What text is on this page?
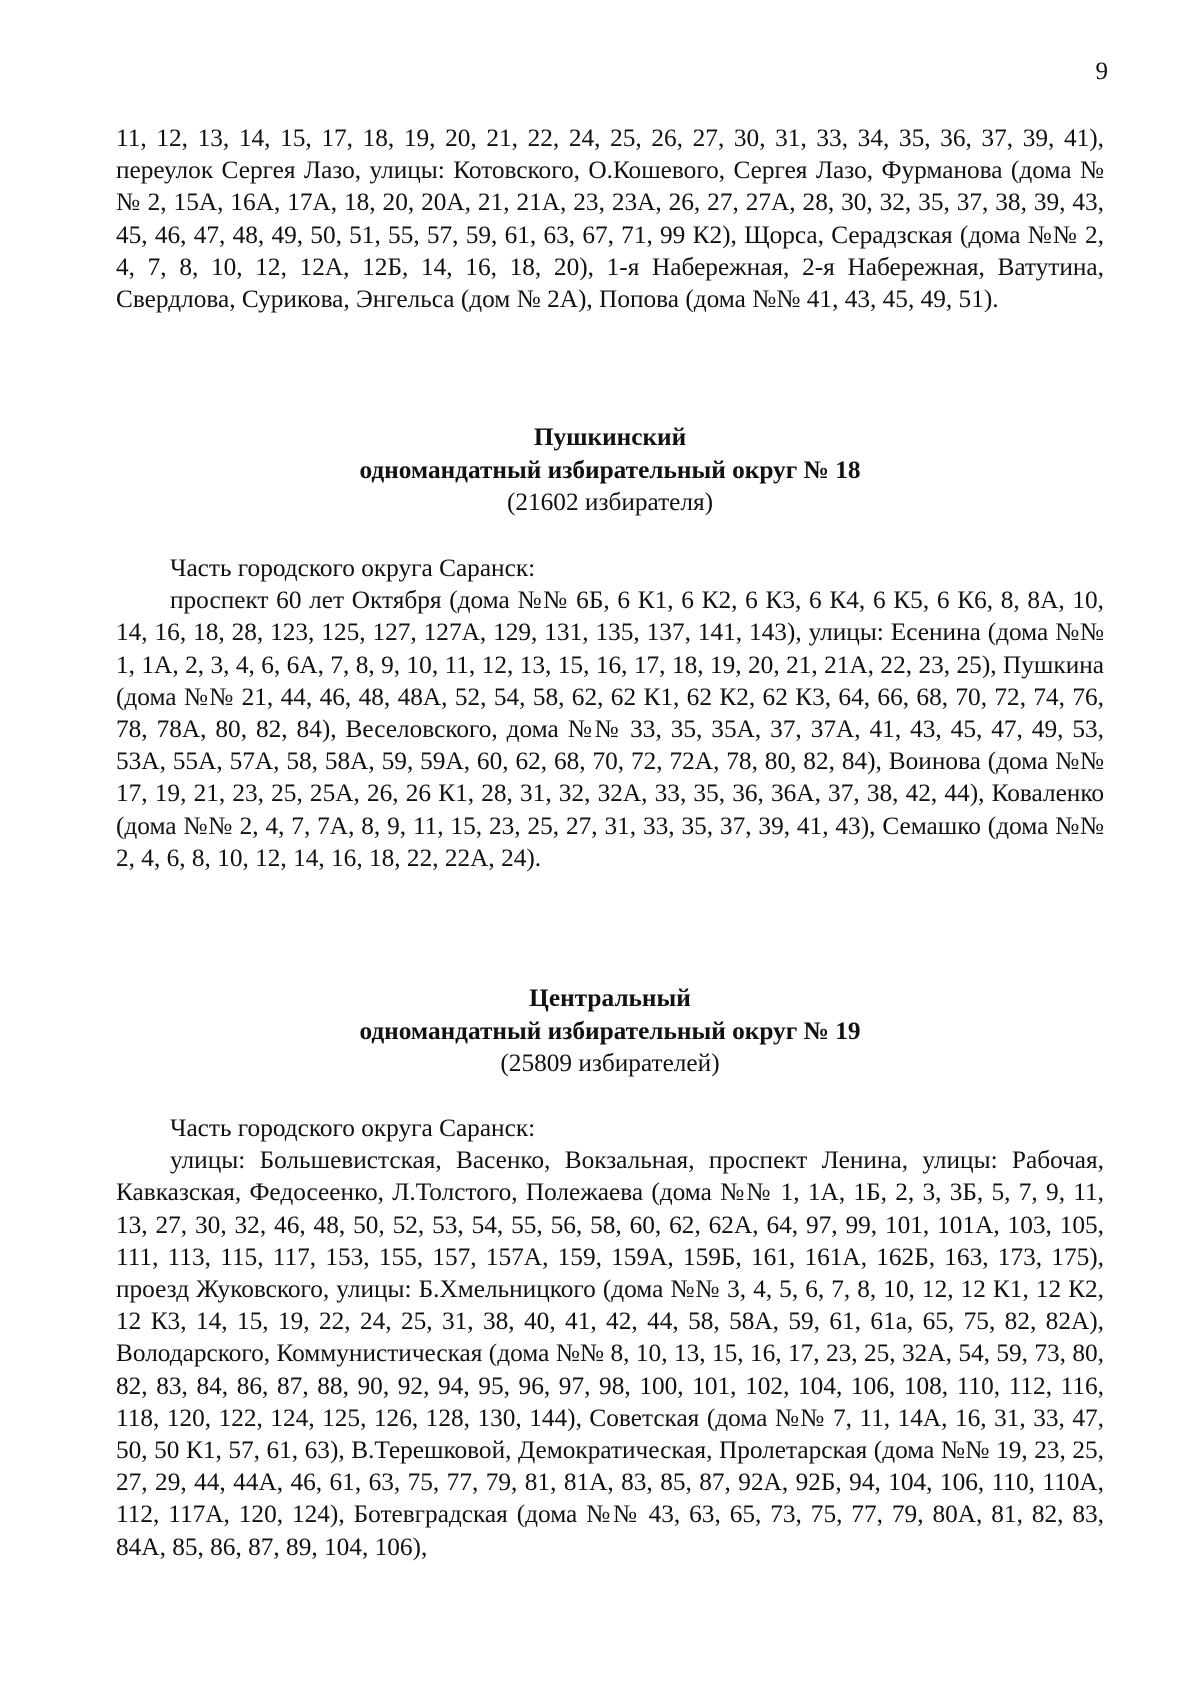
9

11, 12, 13, 14, 15, 17, 18, 19, 20, 21, 22, 24, 25, 26, 27, 30, 31, 33, 34, 35, 36, 37, 39, 41), переулок Сергея Лазо, улицы: Котовского, О.Кошевого, Сергея Лазо, Фурманова (дома №№ 2, 15А, 16А, 17А, 18, 20, 20А, 21, 21А, 23, 23А, 26, 27, 27А, 28, 30, 32, 35, 37, 38, 39, 43, 45, 46, 47, 48, 49, 50, 51, 55, 57, 59, 61, 63, 67, 71, 99 К2), Щорса, Серадзская (дома №№ 2, 4, 7, 8, 10, 12, 12А, 12Б, 14, 16, 18, 20), 1-я Набережная, 2-я Набережная, Ватутина, Свердлова, Сурикова, Энгельса (дом № 2А), Попова (дома №№ 41, 43, 45, 49, 51).

Пушкинский
одномандатный избирательный округ № 18
(21602 избирателя)

Часть городского округа Саранск:

проспект 60 лет Октября (дома №№ 6Б, 6 К1, 6 К2, 6 К3, 6 К4, 6 К5, 6 К6, 8, 8А, 10, 14, 16, 18, 28, 123, 125, 127, 127А, 129, 131, 135, 137, 141, 143), улицы: Есенина (дома №№ 1, 1А, 2, 3, 4, 6, 6А, 7, 8, 9, 10, 11, 12, 13, 15, 16, 17, 18, 19, 20, 21, 21А, 22, 23, 25), Пушкина (дома №№ 21, 44, 46, 48, 48А, 52, 54, 58, 62, 62 К1, 62 К2, 62 К3, 64, 66, 68, 70, 72, 74, 76, 78, 78А, 80, 82, 84), Веселовского, дома №№ 33, 35, 35А, 37, 37А, 41, 43, 45, 47, 49, 53, 53А, 55А, 57А, 58, 58А, 59, 59А, 60, 62, 68, 70, 72, 72А, 78, 80, 82, 84), Воинова (дома №№ 17, 19, 21, 23, 25, 25А, 26, 26 К1, 28, 31, 32, 32А, 33, 35, 36, 36А, 37, 38, 42, 44), Коваленко (дома №№ 2, 4, 7, 7А, 8, 9, 11, 15, 23, 25, 27, 31, 33, 35, 37, 39, 41, 43), Семашко (дома №№ 2, 4, 6, 8, 10, 12, 14, 16, 18, 22, 22А, 24).

Центральный
одномандатный избирательный округ № 19
(25809 избирателей)

Часть городского округа Саранск:

улицы: Большевистская, Васенко, Вокзальная, проспект Ленина, улицы: Рабочая, Кавказская, Федосеенко, Л.Толстого, Полежаева (дома №№ 1, 1А, 1Б, 2, 3, 3Б, 5, 7, 9, 11, 13, 27, 30, 32, 46, 48, 50, 52, 53, 54, 55, 56, 58, 60, 62, 62А, 64, 97, 99, 101, 101А, 103, 105, 111, 113, 115, 117, 153, 155, 157, 157А, 159, 159А, 159Б, 161, 161А, 162Б, 163, 173, 175), проезд Жуковского, улицы: Б.Хмельницкого (дома №№ 3, 4, 5, 6, 7, 8, 10, 12, 12 К1, 12 К2, 12 К3, 14, 15, 19, 22, 24, 25, 31, 38, 40, 41, 42, 44, 58, 58А, 59, 61, 61а, 65, 75, 82, 82А), Володарского, Коммунистическая (дома №№ 8, 10, 13, 15, 16, 17, 23, 25, 32А, 54, 59, 73, 80, 82, 83, 84, 86, 87, 88, 90, 92, 94, 95, 96, 97, 98, 100, 101, 102, 104, 106, 108, 110, 112, 116, 118, 120, 122, 124, 125, 126, 128, 130, 144), Советская (дома №№ 7, 11, 14А, 16, 31, 33, 47, 50, 50 К1, 57, 61, 63), В.Терешковой, Демократическая, Пролетарская (дома №№ 19, 23, 25, 27, 29, 44, 44А, 46, 61, 63, 75, 77, 79, 81, 81А, 83, 85, 87, 92А, 92Б, 94, 104, 106, 110, 110А, 112, 117А, 120, 124), Ботевградская (дома №№ 43, 63, 65, 73, 75, 77, 79, 80А, 81, 82, 83, 84А, 85, 86, 87, 89, 104, 106),
